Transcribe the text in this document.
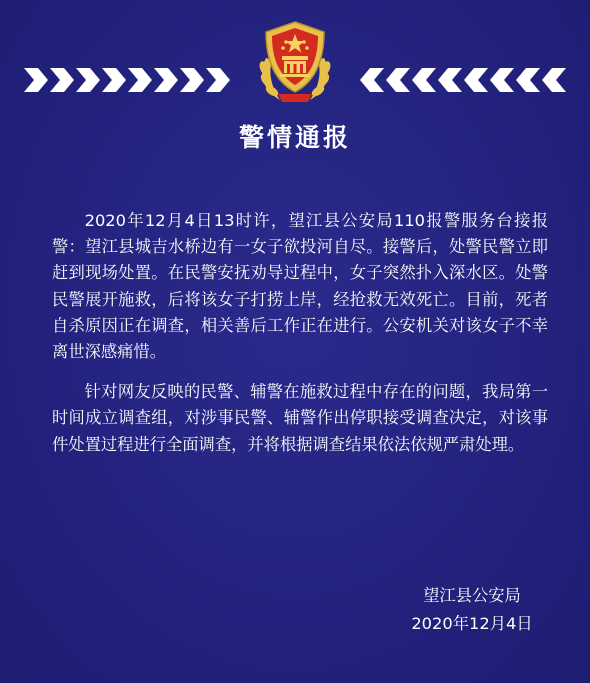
警情通报

2020年12月4日13时许，望江县公安局110报警服务台接报警：望江县城吉水桥边有一女子欲投河自尽。接警后，处警民警立即赶到现场处置。在民警安抚劝导过程中，女子突然扑入深水区。处警民警展开施救，后将该女子打捞上岸，经抢救无效死亡。目前，死者自杀原因正在调查，相关善后工作正在进行。公安机关对该女子不幸离世深感痛惜。

针对网友反映的民警、辅警在施救过程中存在的问题，我局第一时间成立调查组，对涉事民警、辅警作出停职接受调查决定，对该事件处置过程进行全面调查，并将根据调查结果依法依规严肃处理。

望江县公安局
2020年12月4日
